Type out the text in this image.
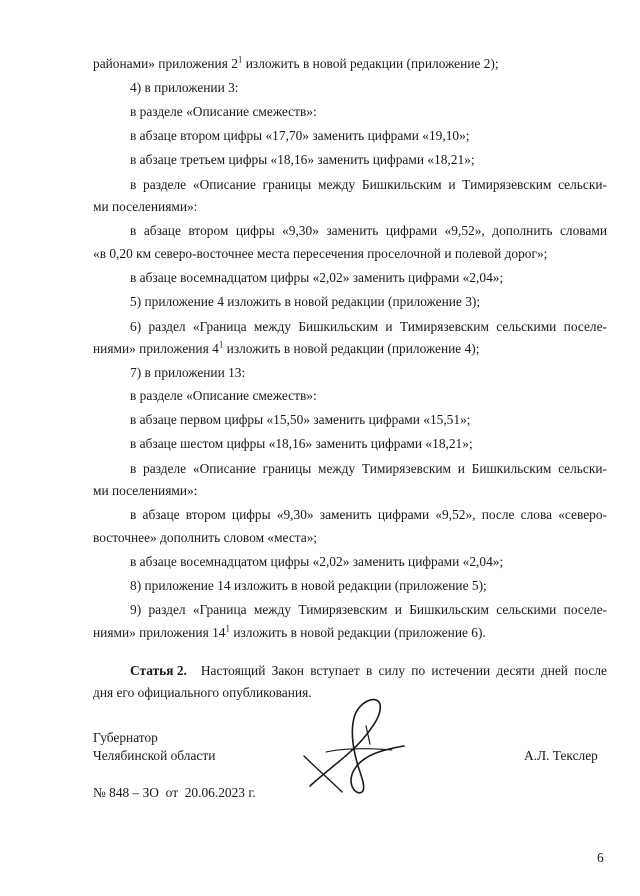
районами» приложения $2^1$ изложить в новой редакции (приложение 2);
4) в приложении 3:
в разделе «Описание смежеств»:
в абзаце втором цифры «17,70» заменить цифрами «19,10»;
в абзаце третьем цифры «18,16» заменить цифрами «18,21»;
в разделе «Описание границы между Бишкильским и Тимирязевским сельски-
ми поселениями»:
в абзаце втором цифры «9,30» заменить цифрами «9,52», дополнить словами
«в 0,20 км северо-восточнее места пересечения проселочной и полевой дорог»;
в абзаце восемнадцатом цифры «2,02» заменить цифрами «2,04»;
5) приложение 4 изложить в новой редакции (приложение 3);
6) раздел «Граница между Бишкильским и Тимирязевским сельскими поселе-
ниями» приложения $4^1$ изложить в новой редакции (приложение 4);
7) в приложении 13:
в разделе «Описание смежеств»:
в абзаце первом цифры «15,50» заменить цифрами «15,51»;
в абзаце шестом цифры «18,16» заменить цифрами «18,21»;
в разделе «Описание границы между Тимирязевским и Бишкильским сельски-
ми поселениями»:
в абзаце втором цифры «9,30» заменить цифрами «9,52», после слова «северо-
восточнее» дополнить словом «места»;
в абзаце восемнадцатом цифры «2,02» заменить цифрами «2,04»;
8) приложение 14 изложить в новой редакции (приложение 5);
9) раздел «Граница между Тимирязевским и Бишкильским сельскими поселе-
ниями» приложения $14^1$ изложить в новой редакции (приложение 6).
Статья 2. Настоящий Закон вступает в силу по истечении десяти дней после
дня его официального опубликования.
Губернатор
Челябинской области	А.Л. Текслер
№ 848 – ЗО  от  20.06.2023 г.
6
